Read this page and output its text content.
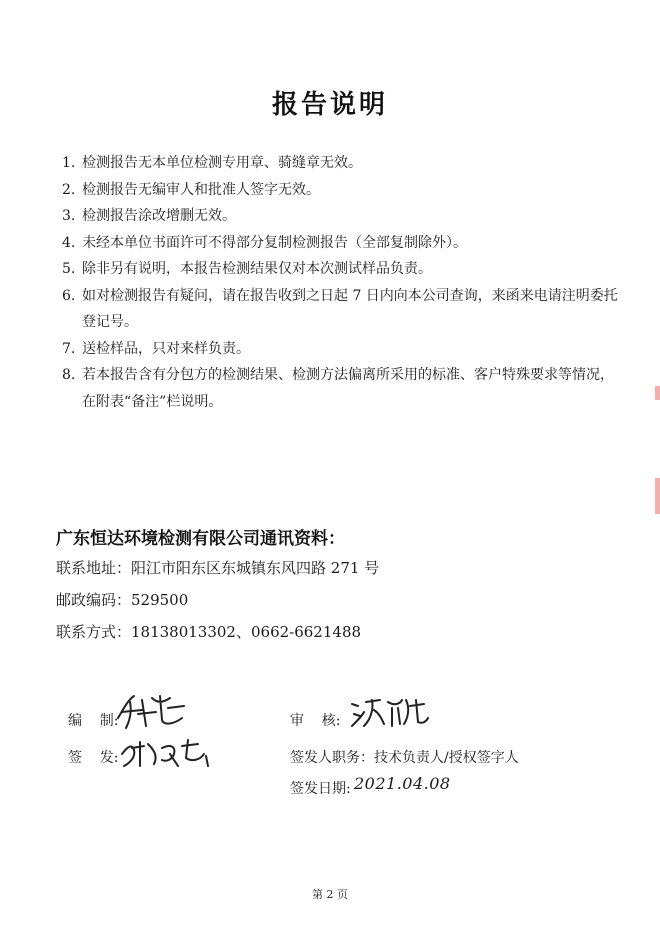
报告说明
1. 检测报告无本单位检测专用章、骑缝章无效。
2. 检测报告无编审人和批准人签字无效。
3. 检测报告涂改增删无效。
4. 未经本单位书面许可不得部分复制检测报告（全部复制除外）。
5. 除非另有说明，本报告检测结果仅对本次测试样品负责。
6. 如对检测报告有疑问，请在报告收到之日起 7 日内向本公司查询，来函来电请注明委托登记号。
7. 送检样品，只对来样负责。
8. 若本报告含有分包方的检测结果、检测方法偏离所采用的标准、客户特殊要求等情况，在附表“备注”栏说明。
广东恒达环境检测有限公司通讯资料：
联系地址：阳江市阳东区东城镇东风四路 271 号
邮政编码：529500
联系方式：18138013302、0662-6621488
编    制:
签    发:
审    核:
签发人职务：技术负责人/授权签字人
签发日期: 2021.04.08
第 2 页
